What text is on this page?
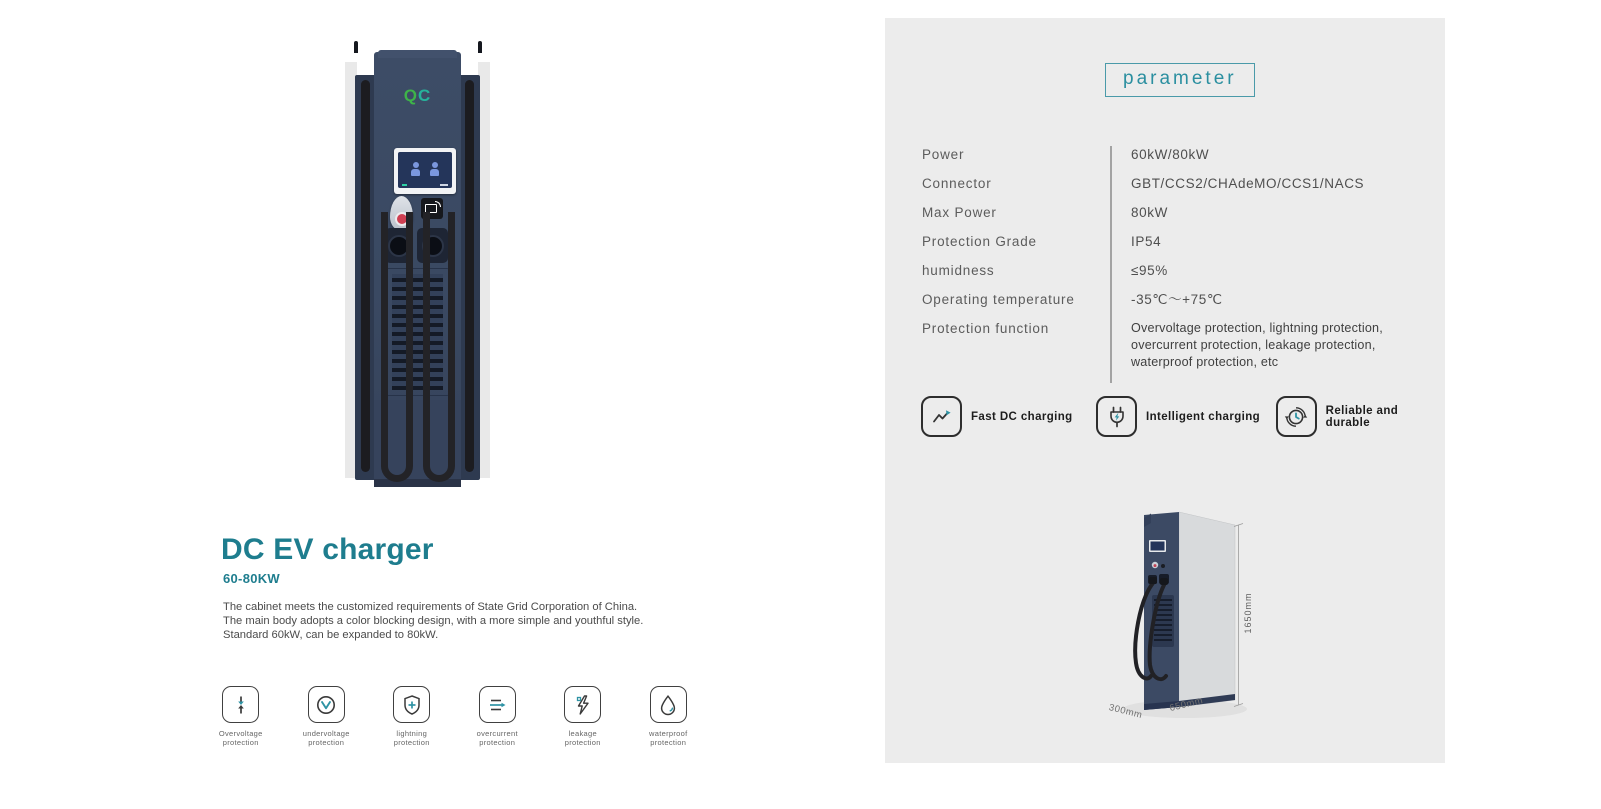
QC
DC EV charger
60-80KW

The cabinet meets the customized requirements of State Grid Corporation of China. The main body adopts a color blocking design, with a more simple and youthful style. Standard 60kW, can be expanded to 80kW.

Overvoltage protection
undervoltage protection
lightning protection
overcurrent protection
leakage protection
waterproof protection
parameter
Power	60kW/80kW
Connector	GBT/CCS2/CHAdeMO/CCS1/NACS
Max Power	80kW
Protection Grade	IP54
humidness	≤95%
Operating temperature	-35℃～+75℃
Protection function	Overvoltage protection, lightning protection, overcurrent protection, leakage protection, waterproof protection, etc
Fast DC charging	Intelligent charging	Reliable and durable
1650mm
300mm	650mm
